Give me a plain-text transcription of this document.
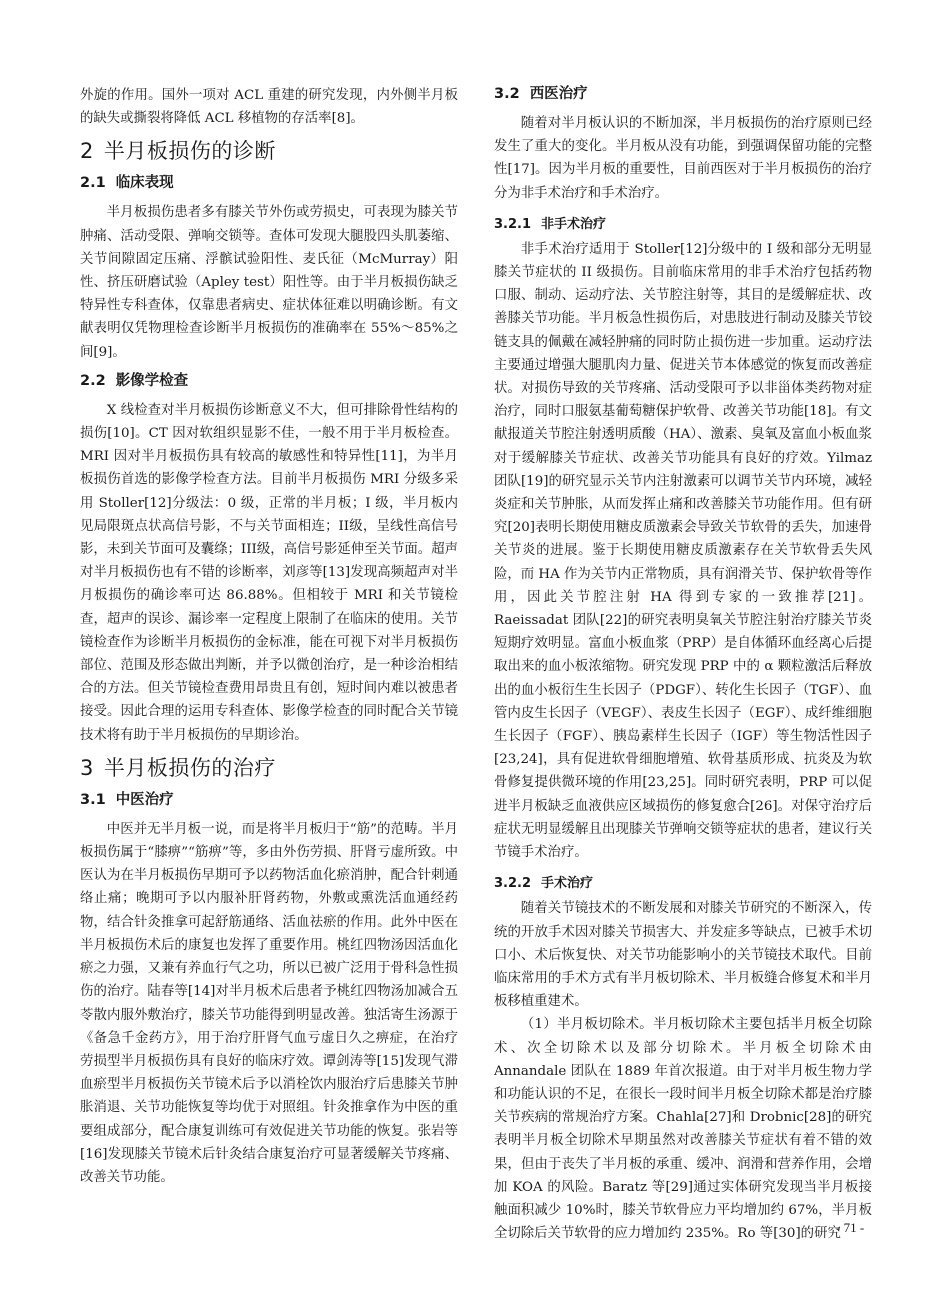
外旋的作用。国外一项对 ACL 重建的研究发现，内外侧半月板的缺失或撕裂将降低 ACL 移植物的存活率[8]。

2 半月板损伤的诊断
2.1 临床表现

半月板损伤患者多有膝关节外伤或劳损史，可表现为膝关节肿痛、活动受限、弹响交锁等。查体可发现大腿股四头肌萎缩、关节间隙固定压痛、浮髌试验阳性、麦氏征（McMurray）阳性、挤压研磨试验（Apley test）阳性等。由于半月板损伤缺乏特异性专科查体，仅靠患者病史、症状体征难以明确诊断。有文献表明仅凭物理检查诊断半月板损伤的准确率在 55%～85%之间[9]。

2.2 影像学检查

X 线检查对半月板损伤诊断意义不大，但可排除骨性结构的损伤[10]。CT 因对软组织显影不佳，一般不用于半月板检查。MRI 因对半月板损伤具有较高的敏感性和特异性[11]，为半月板损伤首选的影像学检查方法。目前半月板损伤 MRI 分级多采用 Stoller[12]分级法：0 级，正常的半月板；I 级，半月板内见局限斑点状高信号影，不与关节面相连；II级，呈线性高信号影，未到关节面可及囊绦；III级，高信号影延伸至关节面。超声对半月板损伤也有不错的诊断率，刘彦等[13]发现高频超声对半月板损伤的确诊率可达 86.88%。但相较于 MRI 和关节镜检查，超声的误诊、漏诊率一定程度上限制了在临床的使用。关节镜检查作为诊断半月板损伤的金标准，能在可视下对半月板损伤部位、范围及形态做出判断，并予以微创治疗，是一种诊治相结合的方法。但关节镜检查费用昂贵且有创，短时间内难以被患者接受。因此合理的运用专科查体、影像学检查的同时配合关节镜技术将有助于半月板损伤的早期诊治。

3 半月板损伤的治疗
3.1 中医治疗

中医并无半月板一说，而是将半月板归于“筋”的范畴。半月板损伤属于“膝痹”“筋痹”等，多由外伤劳损、肝肾亏虚所致。中医认为在半月板损伤早期可予以药物活血化瘀消肿，配合针刺通络止痛；晚期可予以内服补肝肾药物，外敷或熏洗活血通经药物，结合针灸推拿可起舒筋通络、活血祛瘀的作用。此外中医在半月板损伤术后的康复也发挥了重要作用。桃红四物汤因活血化瘀之力强，又兼有养血行气之功，所以已被广泛用于骨科急性损伤的治疗。陆春等[14]对半月板术后患者予桃红四物汤加减合五苓散内服外敷治疗，膝关节功能得到明显改善。独活寄生汤源于《备急千金药方》，用于治疗肝肾气血亏虚日久之痹症，在治疗劳损型半月板损伤具有良好的临床疗效。谭剑涛等[15]发现气滞血瘀型半月板损伤关节镜术后予以消栓饮内服治疗后患膝关节肿胀消退、关节功能恢复等均优于对照组。针灸推拿作为中医的重要组成部分，配合康复训练可有效促进关节功能的恢复。张岩等[16]发现膝关节镜术后针灸结合康复治疗可显著缓解关节疼痛、改善关节功能。

3.2 西医治疗

随着对半月板认识的不断加深，半月板损伤的治疗原则已经发生了重大的变化。半月板从没有功能，到强调保留功能的完整性[17]。因为半月板的重要性，目前西医对于半月板损伤的治疗分为非手术治疗和手术治疗。

3.2.1 非手术治疗

非手术治疗适用于 Stoller[12]分级中的 I 级和部分无明显膝关节症状的 II 级损伤。目前临床常用的非手术治疗包括药物口服、制动、运动疗法、关节腔注射等，其目的是缓解症状、改善膝关节功能。半月板急性损伤后，对患肢进行制动及膝关节铰链支具的佩戴在减轻肿痛的同时防止损伤进一步加重。运动疗法主要通过增强大腿肌肉力量、促进关节本体感觉的恢复而改善症状。对损伤导致的关节疼痛、活动受限可予以非甾体类药物对症治疗，同时口服氨基葡萄糖保护软骨、改善关节功能[18]。有文献报道关节腔注射透明质酸（HA）、激素、臭氧及富血小板血浆对于缓解膝关节症状、改善关节功能具有良好的疗效。Yilmaz 团队[19]的研究显示关节内注射激素可以调节关节内环境，减轻炎症和关节肿胀，从而发挥止痛和改善膝关节功能作用。但有研究[20]表明长期使用糖皮质激素会导致关节软骨的丢失，加速骨关节炎的进展。鉴于长期使用糖皮质激素存在关节软骨丢失风险，而 HA 作为关节内正常物质，具有润滑关节、保护软骨等作用，因此关节腔注射 HA 得到专家的一致推荐[21]。Raeissadat 团队[22]的研究表明臭氧关节腔注射治疗膝关节炎短期疗效明显。富血小板血浆（PRP）是自体循环血经离心后提取出来的血小板浓缩物。研究发现 PRP 中的 α 颗粒激活后释放出的血小板衍生生长因子（PDGF）、转化生长因子（TGF）、血管内皮生长因子（VEGF）、表皮生长因子（EGF）、成纤维细胞生长因子（FGF）、胰岛素样生长因子（IGF）等生物活性因子[23,24]，具有促进软骨细胞增殖、软骨基质形成、抗炎及为软骨修复提供微环境的作用[23,25]。同时研究表明，PRP 可以促进半月板缺乏血液供应区域损伤的修复愈合[26]。对保守治疗后症状无明显缓解且出现膝关节弹响交锁等症状的患者，建议行关节镜手术治疗。

3.2.2 手术治疗

随着关节镜技术的不断发展和对膝关节研究的不断深入，传统的开放手术因对膝关节损害大、并发症多等缺点，已被手术切口小、术后恢复快、对关节功能影响小的关节镜技术取代。目前临床常用的手术方式有半月板切除术、半月板缝合修复术和半月板移植重建术。

（1）半月板切除术。半月板切除术主要包括半月板全切除术、次全切除术以及部分切除术。半月板全切除术由 Annandale 团队在 1889 年首次报道。由于对半月板生物力学和功能认识的不足，在很长一段时间半月板全切除术都是治疗膝关节疾病的常规治疗方案。Chahla[27]和 Drobnic[28]的研究表明半月板全切除术早期虽然对改善膝关节症状有着不错的效果，但由于丧失了半月板的承重、缓冲、润滑和营养作用，会增加 KOA 的风险。Baratz 等[29]通过实体研究发现当半月板接触面积减少 10%时，膝关节软骨应力平均增加约 67%，半月板全切除后关节软骨的应力增加约 235%。Ro 等[30]的研究

- 71 -
